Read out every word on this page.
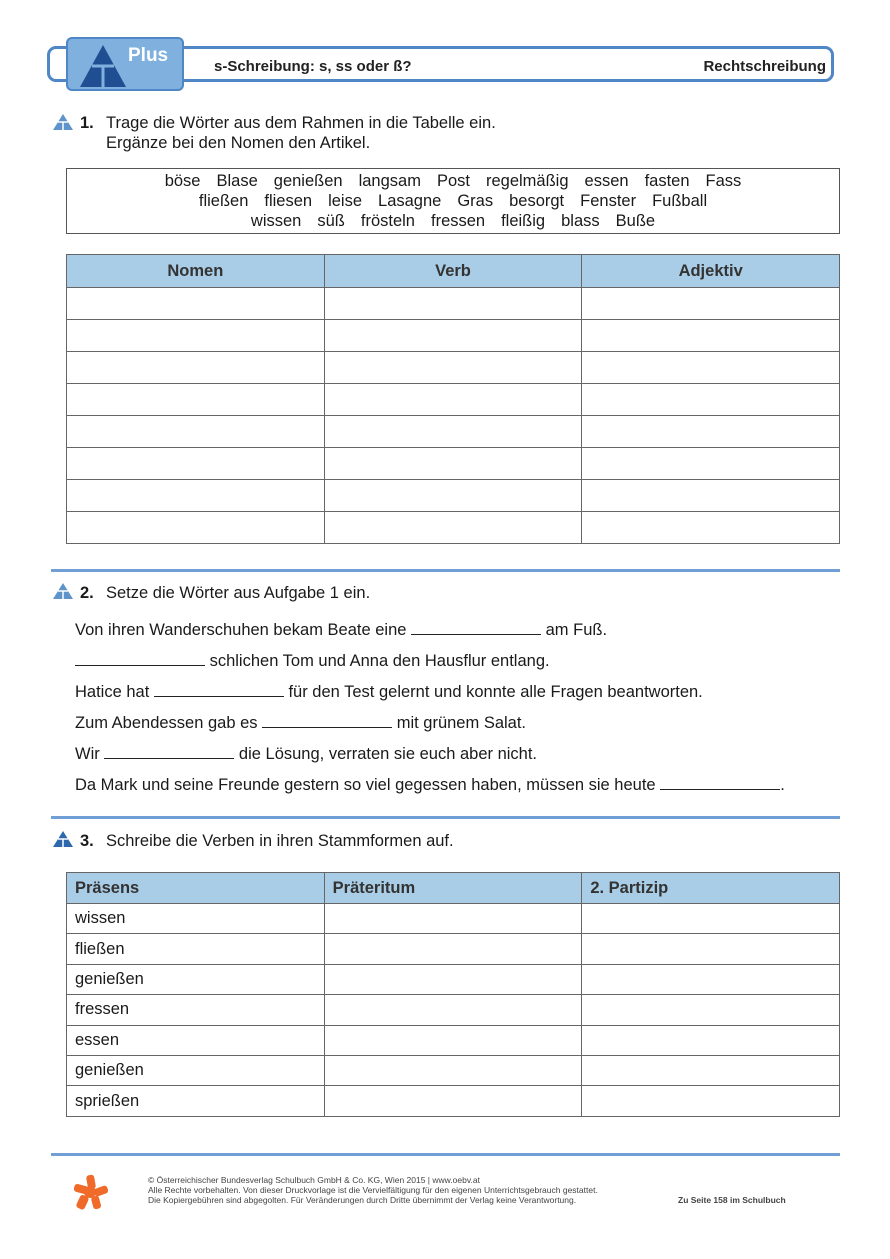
Plus
s-Schreibung: s, ss oder ß?	Rechtschreibung
1. Trage die Wörter aus dem Rahmen in die Tabelle ein.
Ergänze bei den Nomen den Artikel.
böse Blase genießen langsam Post regelmäßig essen fasten Fass
fließen fliesen leise Lasagne Gras besorgt Fenster Fußball
wissen süß frösteln fressen fleißig blass Buße
Nomen	Verb	Adjektiv

2. Setze die Wörter aus Aufgabe 1 ein.
Von ihren Wanderschuhen bekam Beate eine	am Fuß.
schlichen Tom und Anna den Hausflur entlang.
Hatice hat	für den Test gelernt und konnte alle Fragen beantworten.
Zum Abendessen gab es	mit grünem Salat.
Wir	die Lösung, verraten sie euch aber nicht.
Da Mark und seine Freunde gestern so viel gegessen haben, müssen sie heute	.
3. Schreibe die Verben in ihren Stammformen auf.
Präsens	Präteritum	2. Partizip
wissen		
fließen		
genießen		
fressen		
essen		
genießen		
sprießen		
© Österreichischer Bundesverlag Schulbuch GmbH & Co. KG, Wien 2015 | www.oebv.at
Alle Rechte vorbehalten. Von dieser Druckvorlage ist die Vervielfältigung für den eigenen Unterrichtsgebrauch gestattet.
Die Kopiergebühren sind abgegolten. Für Veränderungen durch Dritte übernimmt der Verlag keine Verantwortung.	Zu Seite 158 im Schulbuch
